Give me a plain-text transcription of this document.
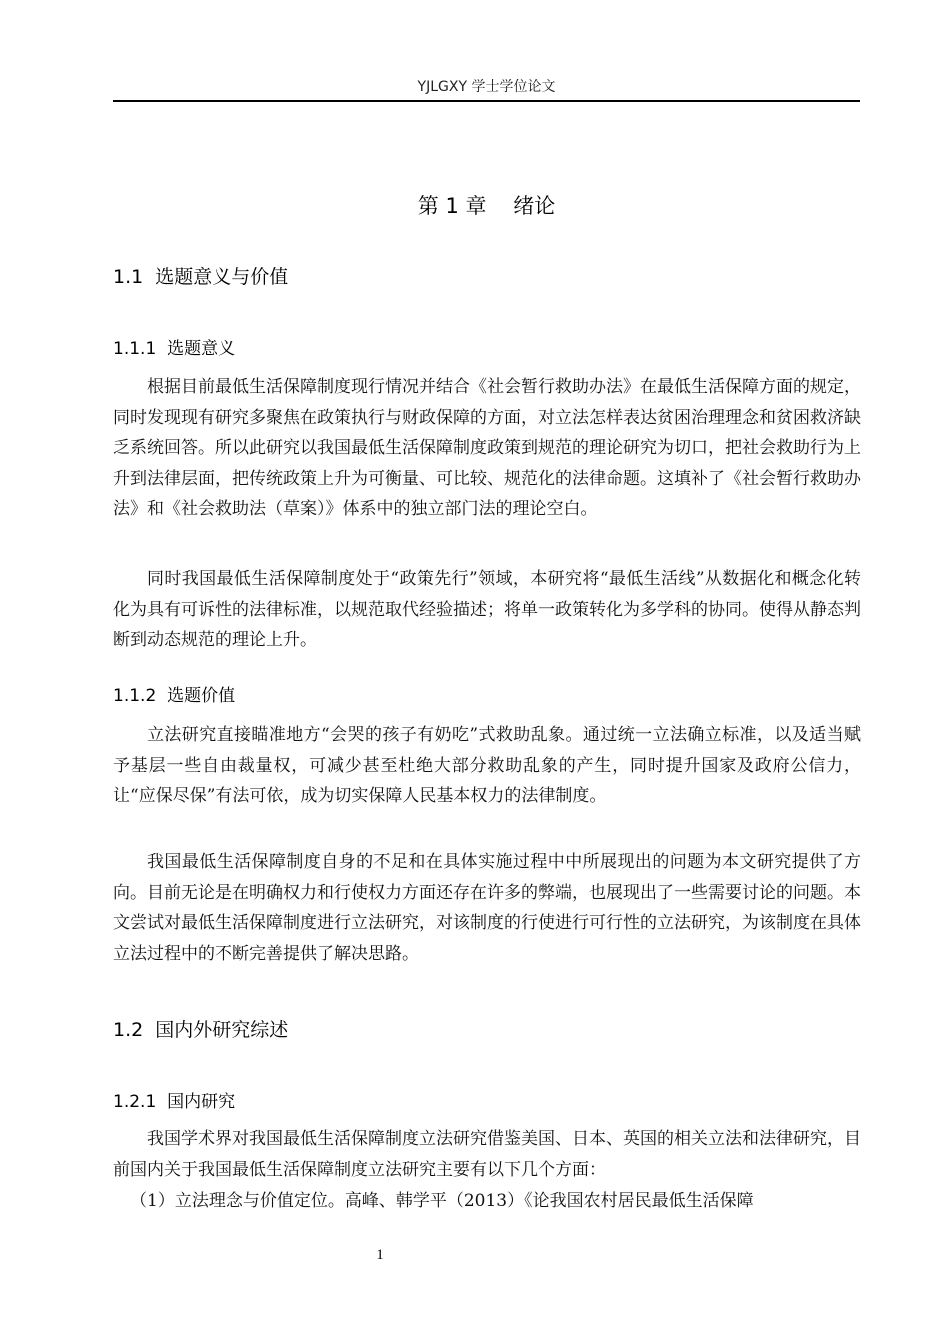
YJLGXY 学士学位论文
第 1 章    绪论
1.1  选题意义与价值
1.1.1  选题意义

根据目前最低生活保障制度现行情况并结合《社会暂行救助办法》在最低生活保障方面的规定，同时发现现有研究多聚焦在政策执行与财政保障的方面，对立法怎样表达贫困治理理念和贫困救济缺乏系统回答。所以此研究以我国最低生活保障制度政策到规范的理论研究为切口，把社会救助行为上升到法律层面，把传统政策上升为可衡量、可比较、规范化的法律命题。这填补了《社会暂行救助办法》和《社会救助法（草案）》体系中的独立部门法的理论空白。

同时我国最低生活保障制度处于“政策先行”领域，本研究将“最低生活线”从数据化和概念化转化为具有可诉性的法律标准，以规范取代经验描述；将单一政策转化为多学科的协同。使得从静态判断到动态规范的理论上升。

1.1.2  选题价值

立法研究直接瞄准地方“会哭的孩子有奶吃”式救助乱象。通过统一立法确立标准，以及适当赋予基层一些自由裁量权，可减少甚至杜绝大部分救助乱象的产生，同时提升国家及政府公信力，让“应保尽保”有法可依，成为切实保障人民基本权力的法律制度。

我国最低生活保障制度自身的不足和在具体实施过程中中所展现出的问题为本文研究提供了方向。目前无论是在明确权力和行使权力方面还存在许多的弊端，也展现出了一些需要讨论的问题。本文尝试对最低生活保障制度进行立法研究，对该制度的行使进行可行性的立法研究，为该制度在具体立法过程中的不断完善提供了解决思路。

1.2  国内外研究综述
1.2.1  国内研究

我国学术界对我国最低生活保障制度立法研究借鉴美国、日本、英国的相关立法和法律研究，目前国内关于我国最低生活保障制度立法研究主要有以下几个方面：

（1）立法理念与价值定位。高峰、韩学平（2013）《论我国农村居民最低生活保障

1
